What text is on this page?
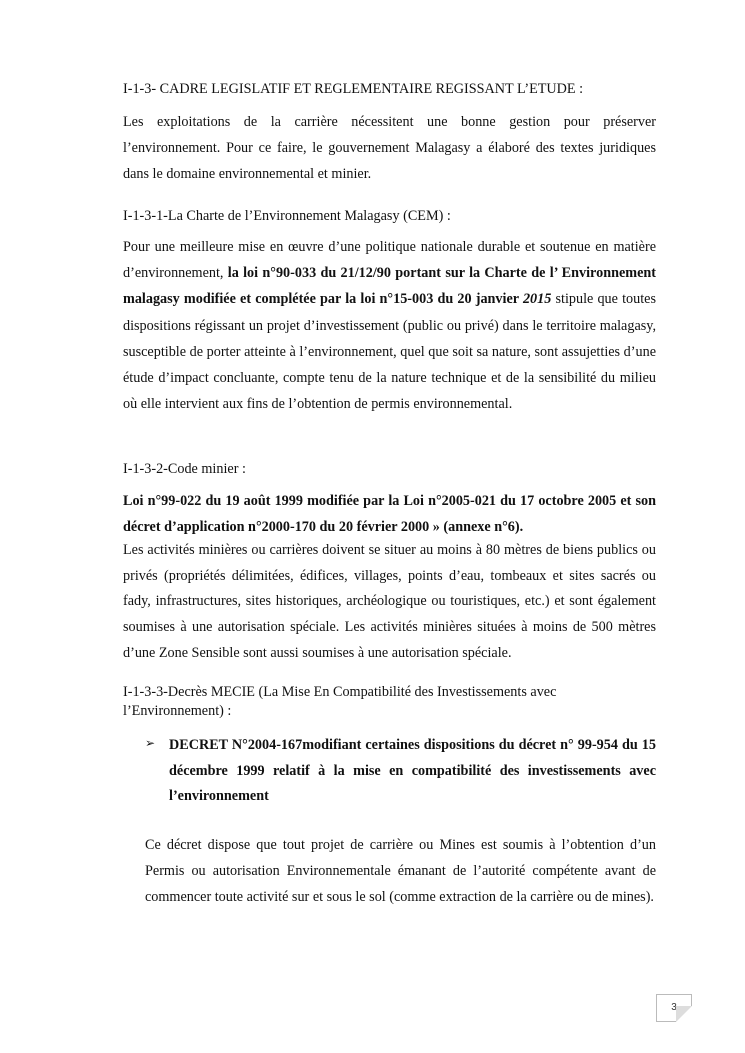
I-1-3- CADRE LEGISLATIF ET REGLEMENTAIRE REGISSANT L’ETUDE :

Les exploitations de la carrière nécessitent une bonne gestion pour préserver l’environnement. Pour ce faire, le gouvernement Malagasy a élaboré des textes juridiques dans le domaine environnemental et minier.

I-1-3-1-La Charte de l’Environnement Malagasy (CEM) :

Pour une meilleure mise en œuvre d’une politique nationale durable et soutenue en matière d’environnement, la loi n°90-033 du 21/12/90 portant sur la Charte de l’ Environnement malagasy modifiée et complétée par la loi n°15-003 du 20 janvier 2015 stipule que toutes dispositions régissant un projet d’investissement (public ou privé) dans le territoire malagasy, susceptible de porter atteinte à l’environnement, quel que soit sa nature, sont assujetties d’une étude d’impact concluante, compte tenu de la nature technique et de la sensibilité du milieu où elle intervient aux fins de l’obtention de permis environnemental.

I-1-3-2-Code minier :

Loi n°99-022 du 19 août 1999 modifiée par la Loi n°2005-021 du 17 octobre 2005 et son décret d’application n°2000-170 du 20 février 2000 » (annexe n°6).

Les activités minières ou carrières doivent se situer au moins à 80 mètres de biens publics ou privés (propriétés délimitées, édifices, villages, points d’eau, tombeaux et sites sacrés ou fady, infrastructures, sites historiques, archéologique ou touristiques, etc.) et sont également soumises à une autorisation spéciale. Les activités minières situées à moins de 500 mètres d’une Zone Sensible sont aussi soumises à une autorisation spéciale.

I-1-3-3-Decrès MECIE (La Mise En Compatibilité des Investissements avec

l’Environnement) :

➢ DECRET N°2004-167modifiant certaines dispositions du décret n° 99-954 du 15 décembre 1999 relatif à la mise en compatibilité des investissements avec l’environnement

Ce décret dispose que tout projet de carrière ou Mines est soumis à l’obtention d’un Permis ou autorisation Environnementale émanant de l’autorité compétente avant de commencer toute activité sur et sous le sol (comme extraction de la carrière ou de mines).

3
